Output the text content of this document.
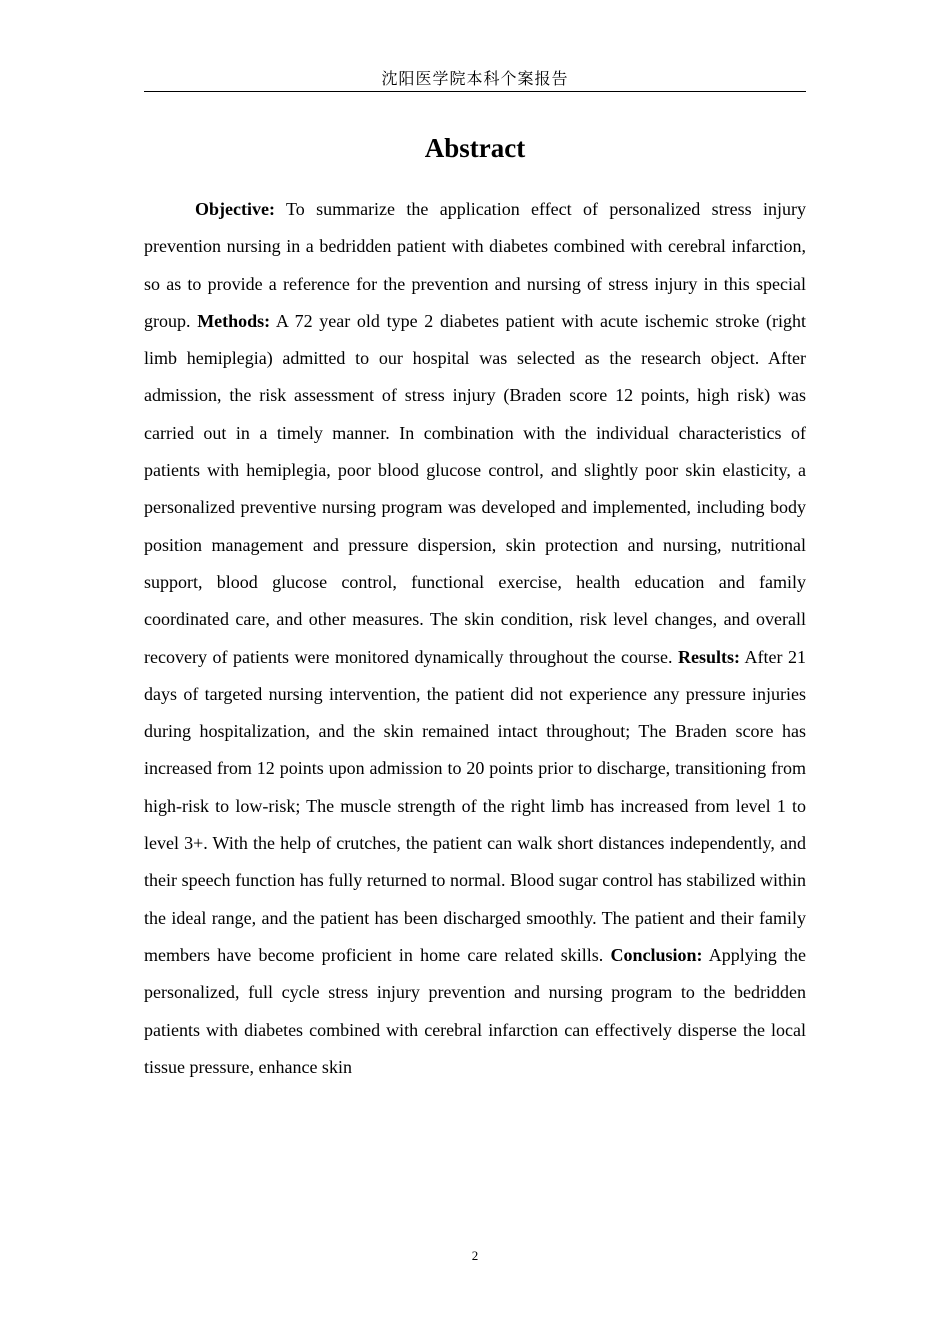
沈阳医学院本科个案报告
Abstract

Objective: To summarize the application effect of personalized stress injury prevention nursing in a bedridden patient with diabetes combined with cerebral infarction, so as to provide a reference for the prevention and nursing of stress injury in this special group. Methods: A 72 year old type 2 diabetes patient with acute ischemic stroke (right limb hemiplegia) admitted to our hospital was selected as the research object. After admission, the risk assessment of stress injury (Braden score 12 points, high risk) was carried out in a timely manner. In combination with the individual characteristics of patients with hemiplegia, poor blood glucose control, and slightly poor skin elasticity, a personalized preventive nursing program was developed and implemented, including body position management and pressure dispersion, skin protection and nursing, nutritional support, blood glucose control, functional exercise, health education and family coordinated care, and other measures. The skin condition, risk level changes, and overall recovery of patients were monitored dynamically throughout the course. Results: After 21 days of targeted nursing intervention, the patient did not experience any pressure injuries during hospitalization, and the skin remained intact throughout; The Braden score has increased from 12 points upon admission to 20 points prior to discharge, transitioning from high-risk to low-risk; The muscle strength of the right limb has increased from level 1 to level 3+. With the help of crutches, the patient can walk short distances independently, and their speech function has fully returned to normal. Blood sugar control has stabilized within the ideal range, and the patient has been discharged smoothly. The patient and their family members have become proficient in home care related skills. Conclusion: Applying the personalized, full cycle stress injury prevention and nursing program to the bedridden patients with diabetes combined with cerebral infarction can effectively disperse the local tissue pressure, enhance skin

2
